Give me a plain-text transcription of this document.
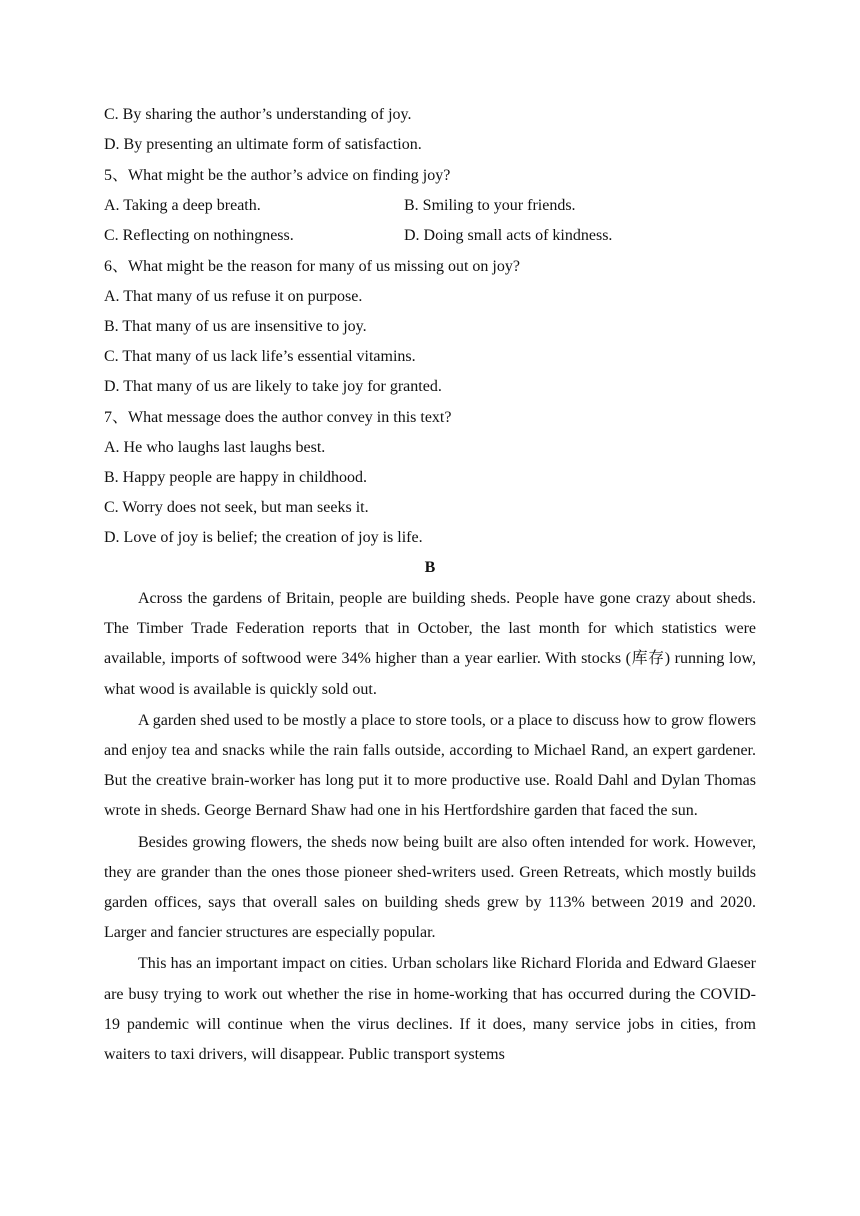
C. By sharing the author’s understanding of joy.
D. By presenting an ultimate form of satisfaction.
5、What might be the author’s advice on finding joy?
A. Taking a deep breath.	B. Smiling to your friends.
C. Reflecting on nothingness.	D. Doing small acts of kindness.
6、What might be the reason for many of us missing out on joy?
A. That many of us refuse it on purpose.
B. That many of us are insensitive to joy.
C. That many of us lack life’s essential vitamins.
D. That many of us are likely to take joy for granted.
7、What message does the author convey in this text?
A. He who laughs last laughs best.
B. Happy people are happy in childhood.
C. Worry does not seek, but man seeks it.
D. Love of joy is belief; the creation of joy is life.
B

Across the gardens of Britain, people are building sheds. People have gone crazy about sheds. The Timber Trade Federation reports that in October, the last month for which statistics were available, imports of softwood were 34% higher than a year earlier. With stocks (库存) running low, what wood is available is quickly sold out.

A garden shed used to be mostly a place to store tools, or a place to discuss how to grow flowers and enjoy tea and snacks while the rain falls outside, according to Michael Rand, an expert gardener. But the creative brain-worker has long put it to more productive use. Roald Dahl and Dylan Thomas wrote in sheds. George Bernard Shaw had one in his Hertfordshire garden that faced the sun.

Besides growing flowers, the sheds now being built are also often intended for work. However, they are grander than the ones those pioneer shed-writers used. Green Retreats, which mostly builds garden offices, says that overall sales on building sheds grew by 113% between 2019 and 2020. Larger and fancier structures are especially popular.

This has an important impact on cities. Urban scholars like Richard Florida and Edward Glaeser are busy trying to work out whether the rise in home-working that has occurred during the COVID-19 pandemic will continue when the virus declines. If it does, many service jobs in cities, from waiters to taxi drivers, will disappear. Public transport systems
